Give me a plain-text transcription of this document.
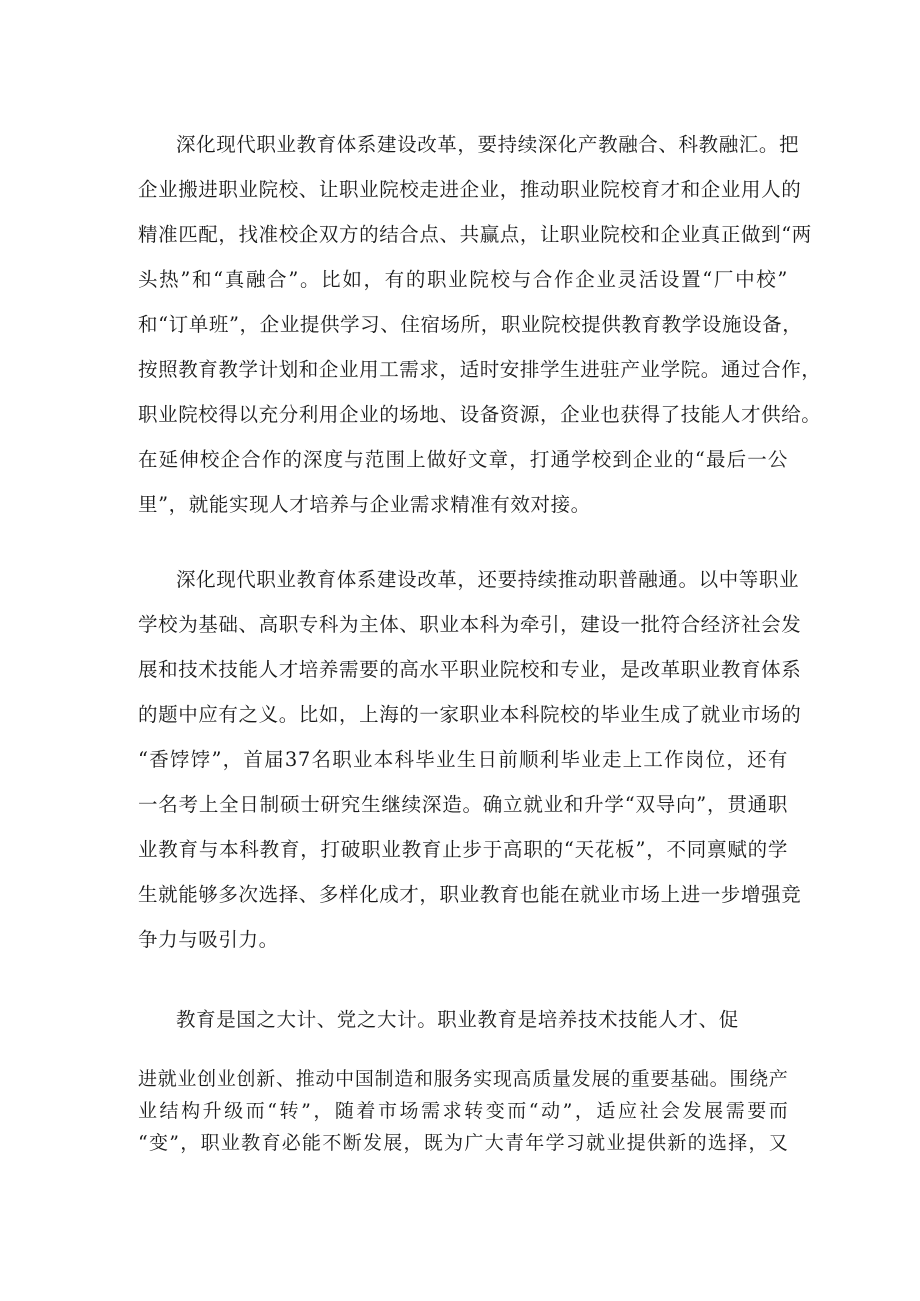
深化现代职业教育体系建设改革，要持续深化产教融合、科教融汇。把
企业搬进职业院校、让职业院校走进企业，推动职业院校育才和企业用人的
精准匹配，找准校企双方的结合点、共赢点，让职业院校和企业真正做到“两
头热”和“真融合”。比如，有的职业院校与合作企业灵活设置“厂中校”
和“订单班”，企业提供学习、住宿场所，职业院校提供教育教学设施设备，
按照教育教学计划和企业用工需求，适时安排学生进驻产业学院。通过合作，
职业院校得以充分利用企业的场地、设备资源，企业也获得了技能人才供给。
在延伸校企合作的深度与范围上做好文章，打通学校到企业的“最后一公
里”，就能实现人才培养与企业需求精准有效对接。
深化现代职业教育体系建设改革，还要持续推动职普融通。以中等职业
学校为基础、高职专科为主体、职业本科为牵引，建设一批符合经济社会发
展和技术技能人才培养需要的高水平职业院校和专业，是改革职业教育体系
的题中应有之义。比如，上海的一家职业本科院校的毕业生成了就业市场的
“香饽饽”，首届37名职业本科毕业生日前顺利毕业走上工作岗位，还有
一名考上全日制硕士研究生继续深造。确立就业和升学“双导向”，贯通职
业教育与本科教育，打破职业教育止步于高职的“天花板”，不同禀赋的学
生就能够多次选择、多样化成才，职业教育也能在就业市场上进一步增强竞
争力与吸引力。
教育是国之大计、党之大计。职业教育是培养技术技能人才、促
进就业创业创新、推动中国制造和服务实现高质量发展的重要基础。围绕产
业结构升级而“转”，随着市场需求转变而“动”，适应社会发展需要而
“变”，职业教育必能不断发展，既为广大青年学习就业提供新的选择，又
